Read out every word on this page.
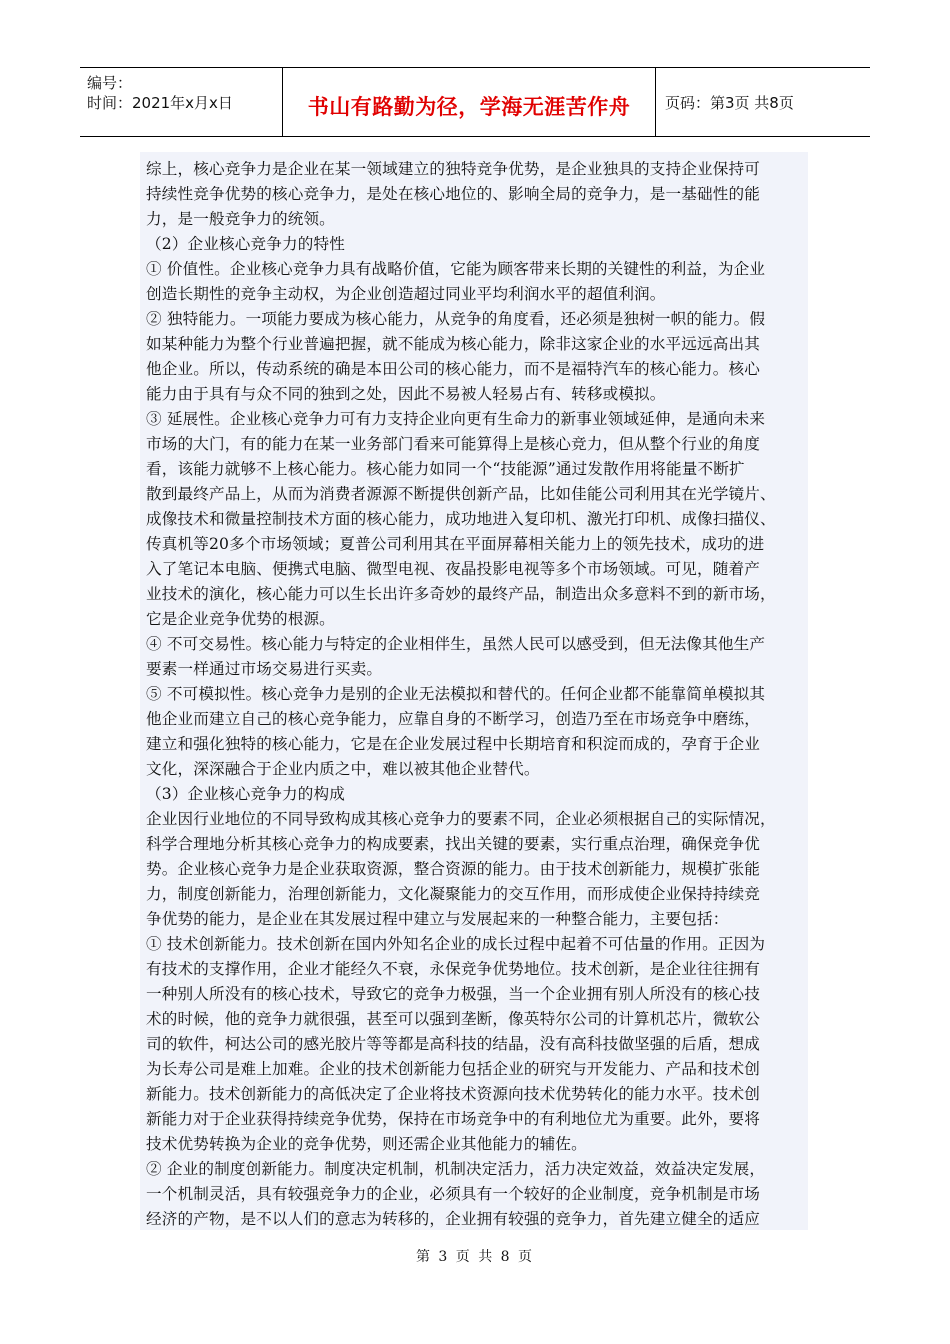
编号：
时间：2021年x月x日	书山有路勤为径，学海无涯苦作舟	页码：第3页 共8页
综上，核心竞争力是企业在某一领域建立的独特竞争优势，是企业独具的支持企业保持可
持续性竞争优势的核心竞争力，是处在核心地位的、影响全局的竞争力，是一基础性的能
力，是一般竞争力的统领。
（2）企业核心竞争力的特性
① 价值性。企业核心竞争力具有战略价值，它能为顾客带来长期的关键性的利益，为企业
创造长期性的竞争主动权，为企业创造超过同业平均利润水平的超值利润。
② 独特能力。一项能力要成为核心能力，从竞争的角度看，还必须是独树一帜的能力。假
如某种能力为整个行业普遍把握，就不能成为核心能力，除非这家企业的水平远远高出其
他企业。所以，传动系统的确是本田公司的核心能力，而不是福特汽车的核心能力。核心
能力由于具有与众不同的独到之处，因此不易被人轻易占有、转移或模拟。
③ 延展性。企业核心竞争力可有力支持企业向更有生命力的新事业领域延伸，是通向未来
市场的大门，有的能力在某一业务部门看来可能算得上是核心竞力，但从整个行业的角度
看，该能力就够不上核心能力。核心能力如同一个“技能源”通过发散作用将能量不断扩
散到最终产品上，从而为消费者源源不断提供创新产品，比如佳能公司利用其在光学镜片、
成像技术和微量控制技术方面的核心能力，成功地进入复印机、激光打印机、成像扫描仪、
传真机等20多个市场领域；夏普公司利用其在平面屏幕相关能力上的领先技术，成功的进
入了笔记本电脑、便携式电脑、微型电视、夜晶投影电视等多个市场领域。可见，随着产
业技术的演化，核心能力可以生长出许多奇妙的最终产品，制造出众多意料不到的新市场，
它是企业竞争优势的根源。
④ 不可交易性。核心能力与特定的企业相伴生，虽然人民可以感受到，但无法像其他生产
要素一样通过市场交易进行买卖。
⑤ 不可模拟性。核心竞争力是别的企业无法模拟和替代的。任何企业都不能靠简单模拟其
他企业而建立自己的核心竞争能力，应靠自身的不断学习，创造乃至在市场竞争中磨练，
建立和强化独特的核心能力，它是在企业发展过程中长期培育和积淀而成的，孕育于企业
文化，深深融合于企业内质之中，难以被其他企业替代。
（3）企业核心竞争力的构成
企业因行业地位的不同导致构成其核心竞争力的要素不同，企业必须根据自己的实际情况，
科学合理地分析其核心竞争力的构成要素，找出关键的要素，实行重点治理，确保竞争优
势。企业核心竞争力是企业获取资源，整合资源的能力。由于技术创新能力，规模扩张能
力，制度创新能力，治理创新能力，文化凝聚能力的交互作用，而形成使企业保持持续竞
争优势的能力，是企业在其发展过程中建立与发展起来的一种整合能力，主要包括：
① 技术创新能力。技术创新在国内外知名企业的成长过程中起着不可估量的作用。正因为
有技术的支撑作用，企业才能经久不衰，永保竞争优势地位。技术创新，是企业往往拥有
一种别人所没有的核心技术，导致它的竞争力极强，当一个企业拥有别人所没有的核心技
术的时候，他的竞争力就很强，甚至可以强到垄断，像英特尔公司的计算机芯片，微软公
司的软件，柯达公司的感光胶片等等都是高科技的结晶，没有高科技做坚强的后盾，想成
为长寿公司是难上加难。企业的技术创新能力包括企业的研究与开发能力、产品和技术创
新能力。技术创新能力的高低决定了企业将技术资源向技术优势转化的能力水平。技术创
新能力对于企业获得持续竞争优势，保持在市场竞争中的有利地位尤为重要。此外，要将
技术优势转换为企业的竞争优势，则还需企业其他能力的辅佐。
② 企业的制度创新能力。制度决定机制，机制决定活力，活力决定效益，效益决定发展，
一个机制灵活，具有较强竞争力的企业，必须具有一个较好的企业制度，竞争机制是市场
经济的产物，是不以人们的意志为转移的，企业拥有较强的竞争力，首先建立健全的适应
第 3 页 共 8 页
